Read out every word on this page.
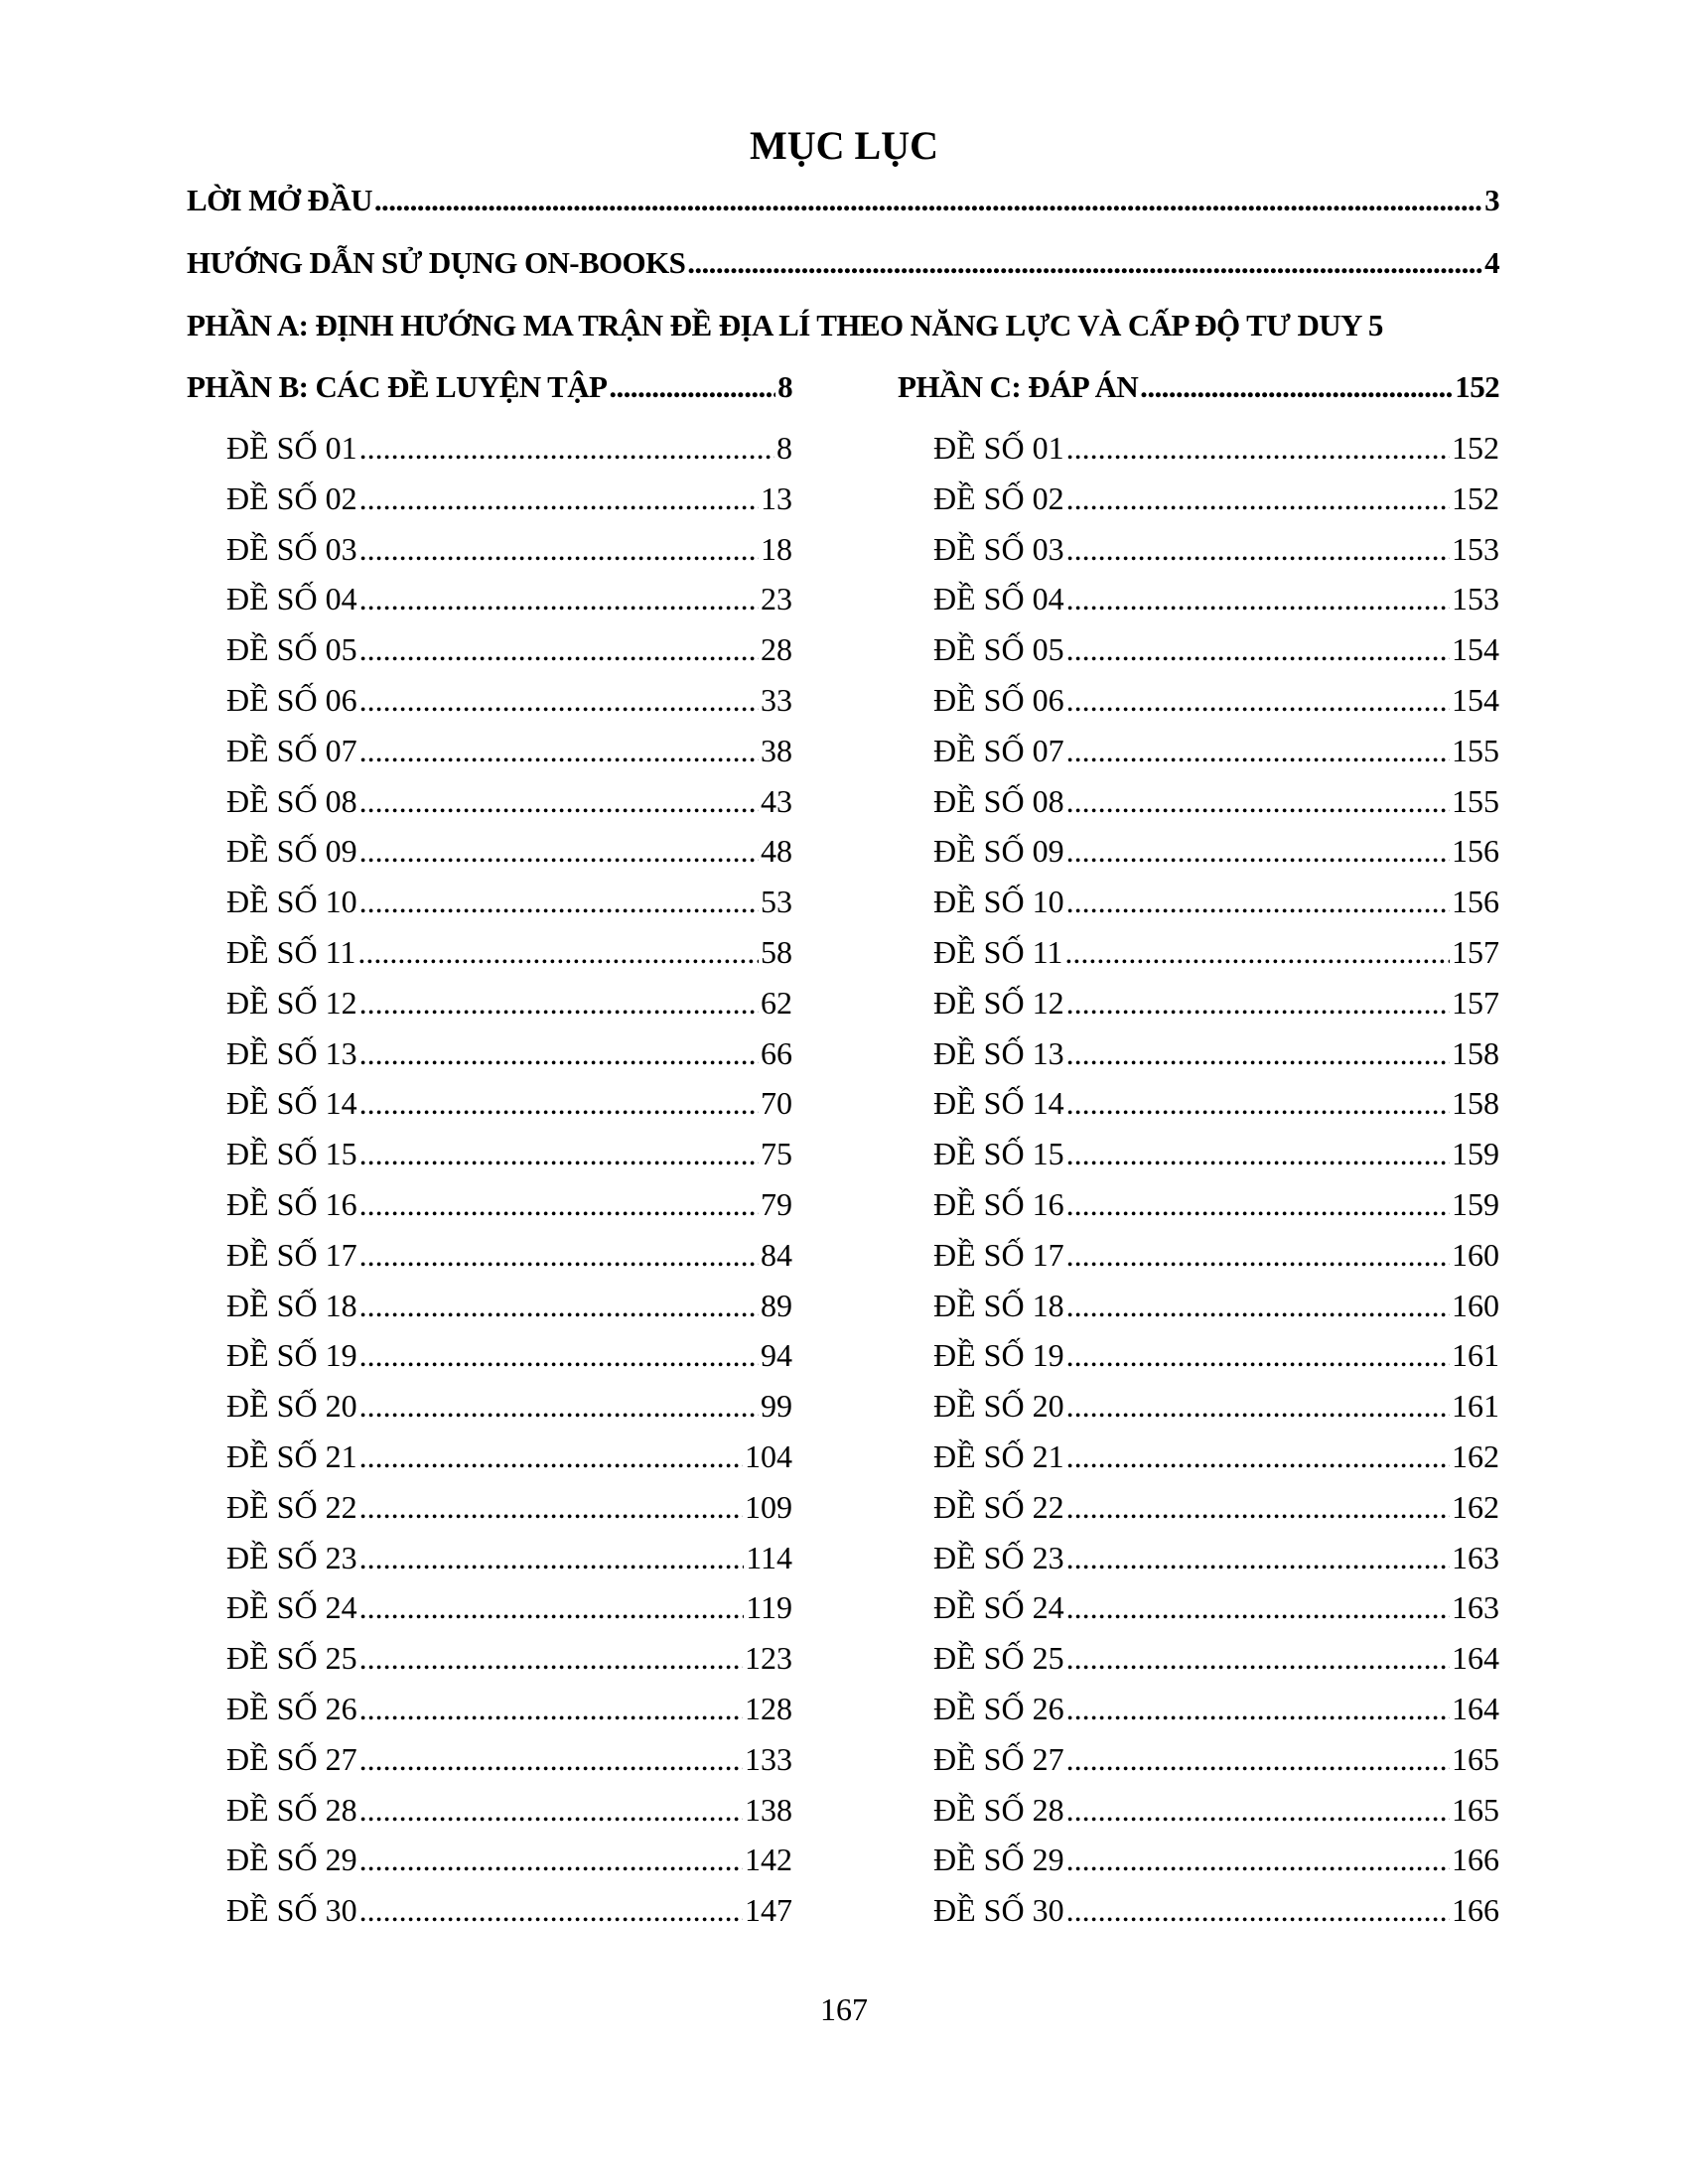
MỤC LỤC
LỜI MỞ ĐẦU .....	3
HƯỚNG DẪN SỬ DỤNG ON-BOOKS .....	4
PHẦN A: ĐỊNH HƯỚNG MA TRẬN ĐỀ ĐỊA LÍ THEO NĂNG LỰC VÀ CẤP ĐỘ TƯ DUY 5
PHẦN B: CÁC ĐỀ LUYỆN TẬP .....	8	PHẦN C: ĐÁP ÁN .....	152
ĐỀ SỐ 01 .....	8
ĐỀ SỐ 02 .....	13
ĐỀ SỐ 03 .....	18
ĐỀ SỐ 04 .....	23
ĐỀ SỐ 05 .....	28
ĐỀ SỐ 06 .....	33
ĐỀ SỐ 07 .....	38
ĐỀ SỐ 08 .....	43
ĐỀ SỐ 09 .....	48
ĐỀ SỐ 10 .....	53
ĐỀ SỐ 11 .....	58
ĐỀ SỐ 12 .....	62
ĐỀ SỐ 13 .....	66
ĐỀ SỐ 14 .....	70
ĐỀ SỐ 15 .....	75
ĐỀ SỐ 16 .....	79
ĐỀ SỐ 17 .....	84
ĐỀ SỐ 18 .....	89
ĐỀ SỐ 19 .....	94
ĐỀ SỐ 20 .....	99
ĐỀ SỐ 21 .....	104
ĐỀ SỐ 22 .....	109
ĐỀ SỐ 23 .....	114
ĐỀ SỐ 24 .....	119
ĐỀ SỐ 25 .....	123
ĐỀ SỐ 26 .....	128
ĐỀ SỐ 27 .....	133
ĐỀ SỐ 28 .....	138
ĐỀ SỐ 29 .....	142
ĐỀ SỐ 30 .....	147
ĐỀ SỐ 01 .....	152
ĐỀ SỐ 02 .....	152
ĐỀ SỐ 03 .....	153
ĐỀ SỐ 04 .....	153
ĐỀ SỐ 05 .....	154
ĐỀ SỐ 06 .....	154
ĐỀ SỐ 07 .....	155
ĐỀ SỐ 08 .....	155
ĐỀ SỐ 09 .....	156
ĐỀ SỐ 10 .....	156
ĐỀ SỐ 11 .....	157
ĐỀ SỐ 12 .....	157
ĐỀ SỐ 13 .....	158
ĐỀ SỐ 14 .....	158
ĐỀ SỐ 15 .....	159
ĐỀ SỐ 16 .....	159
ĐỀ SỐ 17 .....	160
ĐỀ SỐ 18 .....	160
ĐỀ SỐ 19 .....	161
ĐỀ SỐ 20 .....	161
ĐỀ SỐ 21 .....	162
ĐỀ SỐ 22 .....	162
ĐỀ SỐ 23 .....	163
ĐỀ SỐ 24 .....	163
ĐỀ SỐ 25 .....	164
ĐỀ SỐ 26 .....	164
ĐỀ SỐ 27 .....	165
ĐỀ SỐ 28 .....	165
ĐỀ SỐ 29 .....	166
ĐỀ SỐ 30 .....	166
167
